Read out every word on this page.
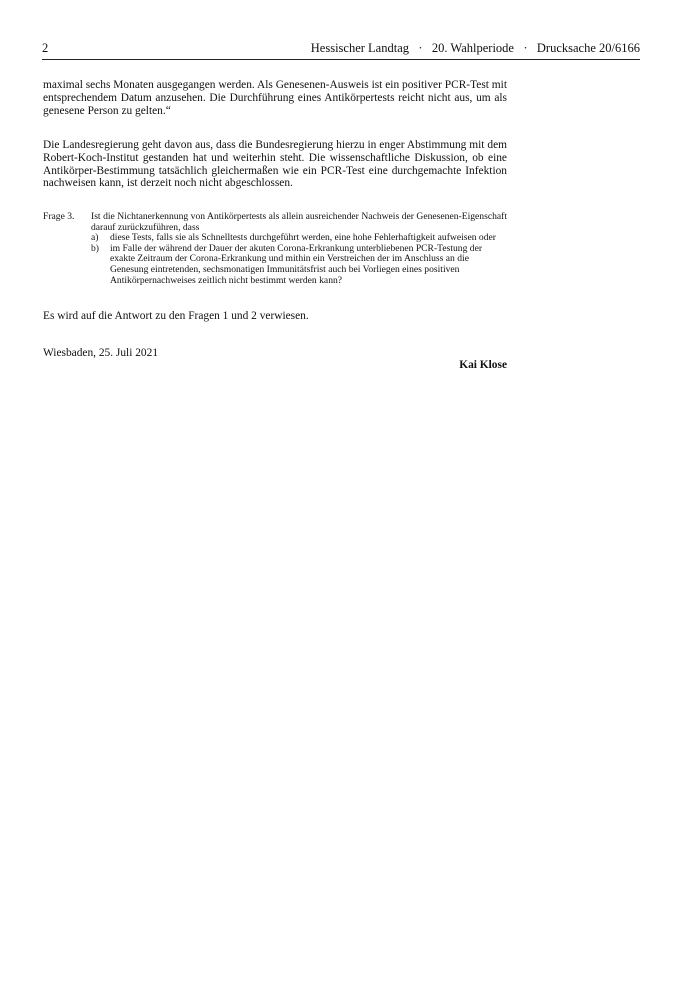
2	Hessischer Landtag   ·   20. Wahlperiode   ·   Drucksache 20/6166

maximal sechs Monaten ausgegangen werden. Als Genesenen-Ausweis ist ein positiver PCR-Test mit entsprechendem Datum anzusehen. Die Durchführung eines Antikörpertests reicht nicht aus, um als genesene Person zu gelten.“

Die Landesregierung geht davon aus, dass die Bundesregierung hierzu in enger Abstimmung mit dem Robert-Koch-Institut gestanden hat und weiterhin steht. Die wissenschaftliche Diskussion, ob eine Antikörper-Bestimmung tatsächlich gleichermaßen wie ein PCR-Test eine durchgemachte Infektion nachweisen kann, ist derzeit noch nicht abgeschlossen.

Frage 3. Ist die Nichtanerkennung von Antikörpertests als allein ausreichender Nachweis der Genesenen-Eigenschaft darauf zurückzuführen, dass
a) diese Tests, falls sie als Schnelltests durchgeführt werden, eine hohe Fehlerhaftigkeit aufweisen oder
b) im Falle der während der Dauer der akuten Corona-Erkrankung unterbliebenen PCR-Testung der exakte Zeitraum der Corona-Erkrankung und mithin ein Verstreichen der im Anschluss an die Genesung eintretenden, sechsmonatigen Immunitätsfrist auch bei Vorliegen eines positiven Antikörpernachweises zeitlich nicht bestimmt werden kann?

Es wird auf die Antwort zu den Fragen 1 und 2 verwiesen.

Wiesbaden, 25. Juli 2021

Kai Klose
